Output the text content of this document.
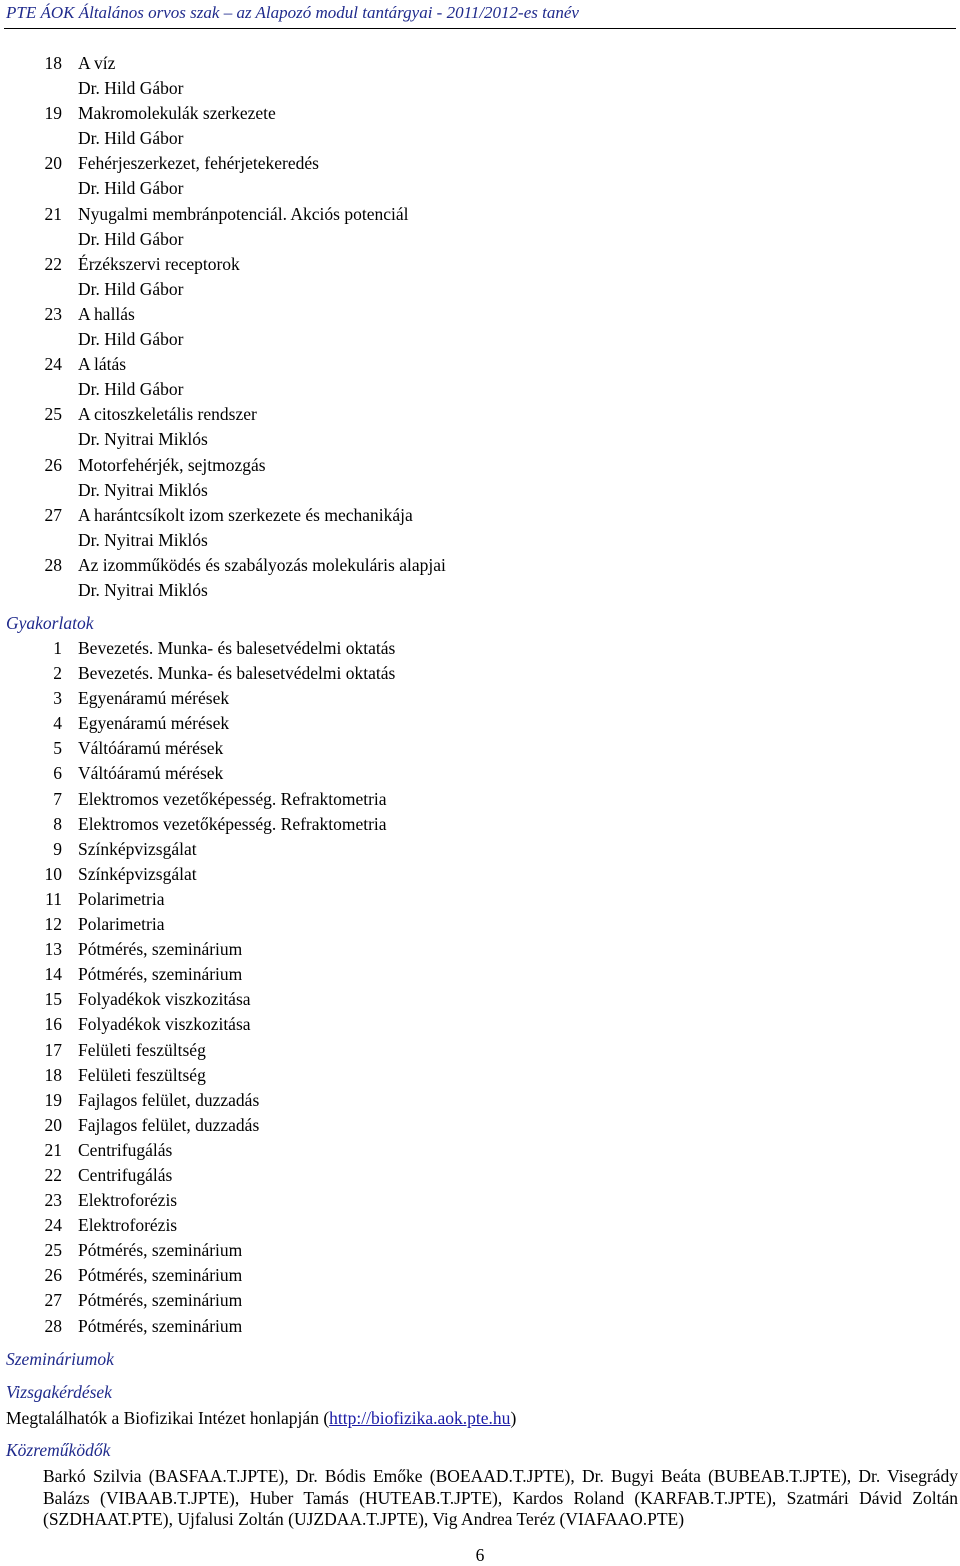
PTE ÁOK Általános orvos szak – az Alapozó modul tantárgyai - 2011/2012-es tanév
18 A víz
Dr. Hild Gábor
19 Makromolekulák szerkezete
Dr. Hild Gábor
20 Fehérjeszerkezet, fehérjetekeredés
Dr. Hild Gábor
21 Nyugalmi membránpotenciál. Akciós potenciál
Dr. Hild Gábor
22 Érzékszervi receptorok
Dr. Hild Gábor
23 A hallás
Dr. Hild Gábor
24 A látás
Dr. Hild Gábor
25 A citoszkeletális rendszer
Dr. Nyitrai Miklós
26 Motorfehérjék, sejtmozgás
Dr. Nyitrai Miklós
27 A harántcsíkolt izom szerkezete és mechanikája
Dr. Nyitrai Miklós
28 Az izomműködés és szabályozás molekuláris alapjai
Dr. Nyitrai Miklós
Gyakorlatok
1 Bevezetés. Munka- és balesetvédelmi oktatás
2 Bevezetés. Munka- és balesetvédelmi oktatás
3 Egyenáramú mérések
4 Egyenáramú mérések
5 Váltóáramú mérések
6 Váltóáramú mérések
7 Elektromos vezetőképesség. Refraktometria
8 Elektromos vezetőképesség. Refraktometria
9 Színképvizsgálat
10 Színképvizsgálat
11 Polarimetria
12 Polarimetria
13 Pótmérés, szeminárium
14 Pótmérés, szeminárium
15 Folyadékok viszkozitása
16 Folyadékok viszkozitása
17 Felületi feszültség
18 Felületi feszültség
19 Fajlagos felület, duzzadás
20 Fajlagos felület, duzzadás
21 Centrifugálás
22 Centrifugálás
23 Elektroforézis
24 Elektroforézis
25 Pótmérés, szeminárium
26 Pótmérés, szeminárium
27 Pótmérés, szeminárium
28 Pótmérés, szeminárium
Szemináriumok
Vizsgakérdések
Megtalálhatók a Biofizikai Intézet honlapján (http://biofizika.aok.pte.hu)
Közreműködők
Barkó Szilvia (BASFAA.T.JPTE), Dr. Bódis Emőke (BOEAAD.T.JPTE), Dr. Bugyi Beáta (BUBEAB.T.JPTE), Dr. Visegrády Balázs (VIBAAB.T.JPTE), Huber Tamás (HUTEAB.T.JPTE), Kardos Roland (KARFAB.T.JPTE), Szatmári Dávid Zoltán (SZDHAAT.PTE), Ujfalusi Zoltán (UJZDAA.T.JPTE), Vig Andrea Teréz (VIAFAAO.PTE)
6
